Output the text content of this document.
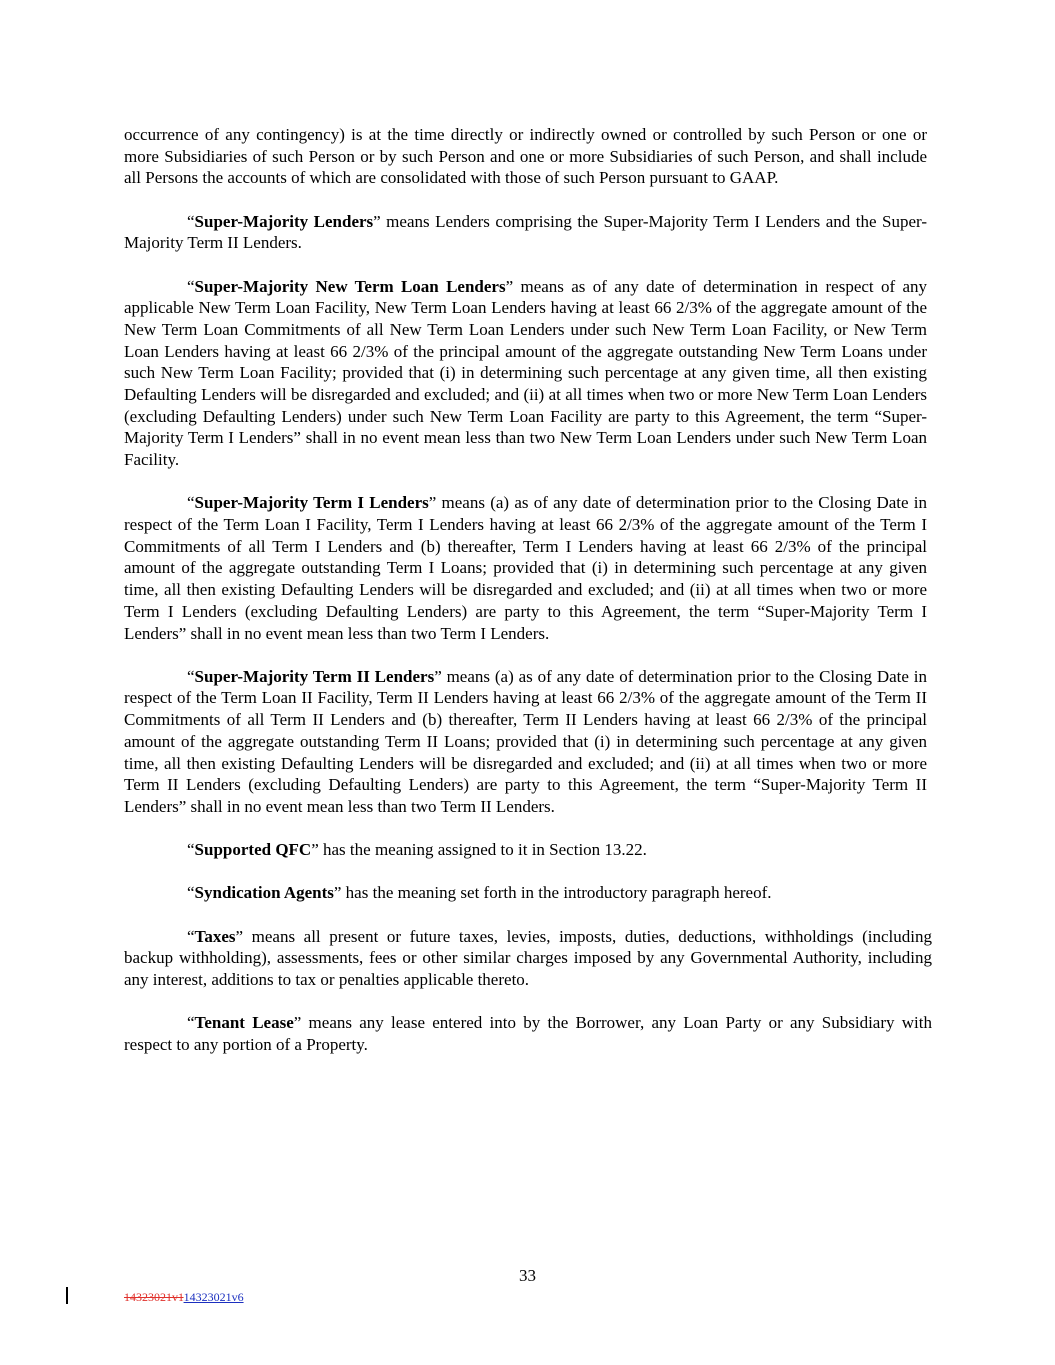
occurrence of any contingency) is at the time directly or indirectly owned or controlled by such Person or one or more Subsidiaries of such Person or by such Person and one or more Subsidiaries of such Person, and shall include all Persons the accounts of which are consolidated with those of such Person pursuant to GAAP.

“Super-Majority Lenders” means Lenders comprising the Super-Majority Term I Lenders and the Super-Majority Term II Lenders.

“Super-Majority New Term Loan Lenders” means as of any date of determination in respect of any applicable New Term Loan Facility, New Term Loan Lenders having at least 66 2/3% of the aggregate amount of the New Term Loan Commitments of all New Term Loan Lenders under such New Term Loan Facility, or New Term Loan Lenders having at least 66 2/3% of the principal amount of the aggregate outstanding New Term Loans under such New Term Loan Facility; provided that (i) in determining such percentage at any given time, all then existing Defaulting Lenders will be disregarded and excluded; and (ii) at all times when two or more New Term Loan Lenders (excluding Defaulting Lenders) under such New Term Loan Facility are party to this Agreement, the term “Super-Majority Term I Lenders” shall in no event mean less than two New Term Loan Lenders under such New Term Loan Facility.

“Super-Majority Term I Lenders” means (a) as of any date of determination prior to the Closing Date in respect of the Term Loan I Facility, Term I Lenders having at least 66 2/3% of the aggregate amount of the Term I Commitments of all Term I Lenders and (b) thereafter, Term I Lenders having at least 66 2/3% of the principal amount of the aggregate outstanding Term I Loans; provided that (i) in determining such percentage at any given time, all then existing Defaulting Lenders will be disregarded and excluded; and (ii) at all times when two or more Term I Lenders (excluding Defaulting Lenders) are party to this Agreement, the term “Super-Majority Term I Lenders” shall in no event mean less than two Term I Lenders.

“Super-Majority Term II Lenders” means (a) as of any date of determination prior to the Closing Date in respect of the Term Loan II Facility, Term II Lenders having at least 66 2/3% of the aggregate amount of the Term II Commitments of all Term II Lenders and (b) thereafter, Term II Lenders having at least 66 2/3% of the principal amount of the aggregate outstanding Term II Loans; provided that (i) in determining such percentage at any given time, all then existing Defaulting Lenders will be disregarded and excluded; and (ii) at all times when two or more Term II Lenders (excluding Defaulting Lenders) are party to this Agreement, the term “Super-Majority Term II Lenders” shall in no event mean less than two Term II Lenders.

“Supported QFC” has the meaning assigned to it in Section 13.22.

“Syndication Agents” has the meaning set forth in the introductory paragraph hereof.

“Taxes” means all present or future taxes, levies, imposts, duties, deductions, withholdings (including backup withholding), assessments, fees or other similar charges imposed by any Governmental Authority, including any interest, additions to tax or penalties applicable thereto.

“Tenant Lease” means any lease entered into by the Borrower, any Loan Party or any Subsidiary with respect to any portion of a Property.

33
14323021v114323021v6
